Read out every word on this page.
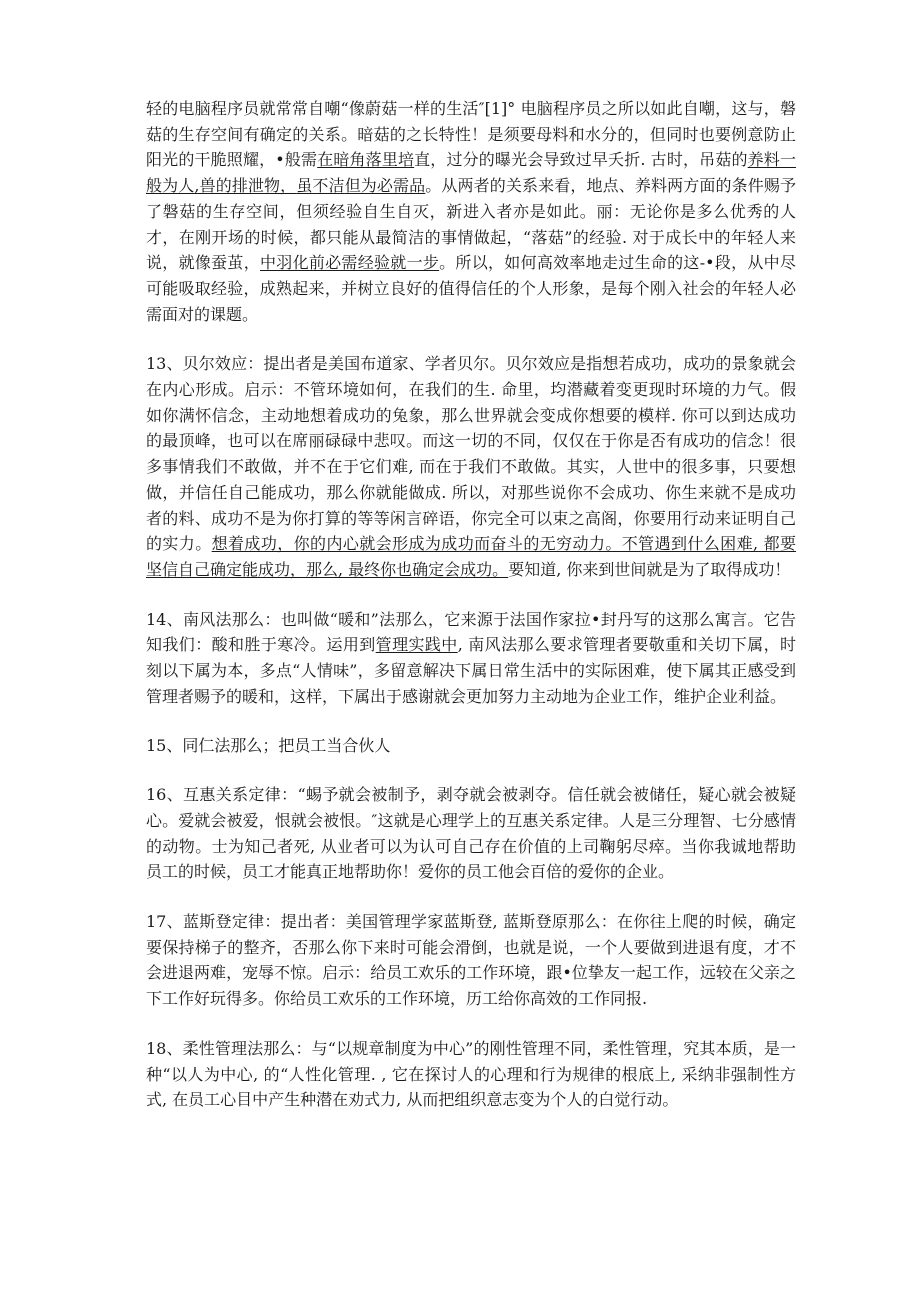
轻的电脑程序员就常常自嘲“像蔚菇一样的生活″[1]° 电脑程序员之所以如此自嘲，这与，磐菇的生存空间有确定的关系。暗菇的之长特性！是须要母料和水分的，但同时也要例意防止阳光的干脆照耀，•般需在暗角落里培直，过分的曝光会导致过早夭折. 古时，吊菇的养料一般为人,兽的排泄物，虽不洁但为必需品。从两者的关系来看，地点、养料两方面的条件赐予了磐菇的生存空间，但须经验自生自灭，新进入者亦是如此。丽：无论你是多么优秀的人才，在刚开场的时候，都只能从最简洁的事情做起，“落菇”的经验. 对于成长中的年轻人来说，就像蚕茧，中羽化前必需经验就一步。所以，如何高效率地走过生命的这-•段，从中尽可能吸取经验，成熟起来，并树立良好的值得信任的个人形象，是每个刚入社会的年轻人必需面对的课题。

13、贝尔效应：提出者是美国布道家、学者贝尔。贝尔效应是指想若成功，成功的景象就会在内心形成。启示：不管环境如何，在我们的生. 命里，均潜藏着变更现时环境的力气。假如你满怀信念，主动地想着成功的兔象，那么世界就会变成你想要的模样. 你可以到达成功的最顶峰，也可以在席丽碌碌中悲叹。而这一切的不同，仅仅在于你是否有成功的信念！很多事情我们不敢做，并不在于它们难, 而在于我们不敢做。其实，人世中的很多事，只要想做，并信任自己能成功，那么你就能做成. 所以，对那些说你不会成功、你生来就不是成功者的料、成功不是为你打算的等等闲言碎语，你完全可以束之高阁，你要用行动来证明自己的实力。想着成功，你的内心就会形成为成功而奋斗的无穷动力。不管遇到什么困难, 都要坚信自己确定能成功，那么, 最终你也确定会成功。要知道, 你来到世间就是为了取得成功！

14、南风法那么：也叫做“暖和”法那么，它来源于法国作家拉•封丹写的这那么寓言。它告知我们：酸和胜于寒冷。运用到管理实践中, 南风法那么要求管理者要敬重和关切下属，时刻以下属为本，多点“人情味”，多留意解决下属日常生活中的实际困难，使下属其正感受到管理者赐予的暖和，这样，下属出于感谢就会更加努力主动地为企业工作，维护企业利益。

15、同仁法那么；把员工当合伙人

16、互惠关系定律：“蜴予就会被制予，剥夺就会被剥夺。信任就会被储任，疑心就会被疑心。爱就会被爱，恨就会被恨。″这就是心理学上的互惠关系定律。人是三分理智、七分感情的动物。士为知己者死, 从业者可以为认可自己存在价值的上司鞠躬尽瘁。当你我诚地帮助员工的时候，员工才能真正地帮助你！爱你的员工他会百倍的爱你的企业。

17、蓝斯登定律：提出者：美国管理学家蓝斯登, 蓝斯登原那么：在你往上爬的时候，确定要保持梯子的整齐，否那么你下来时可能会滑倒，也就是说，一个人要做到进退有度，才不会进退两难，宠辱不惊。启示：给员工欢乐的工作环境，跟•位挚友一起工作，远较在父亲之下工作好玩得多。你给员工欢乐的工作环境，历工给你高效的工作同报.

18、柔性管理法那么：与“以规章制度为中心”的刚性管理不同，柔性管理，究其本质，是一种“以人为中心, 的“人性化管理. , 它在探讨人的心理和行为规律的根底上, 采纳非强制性方式, 在员工心目中产生种潜在劝式力, 从而把组织意志变为个人的白觉行动。
